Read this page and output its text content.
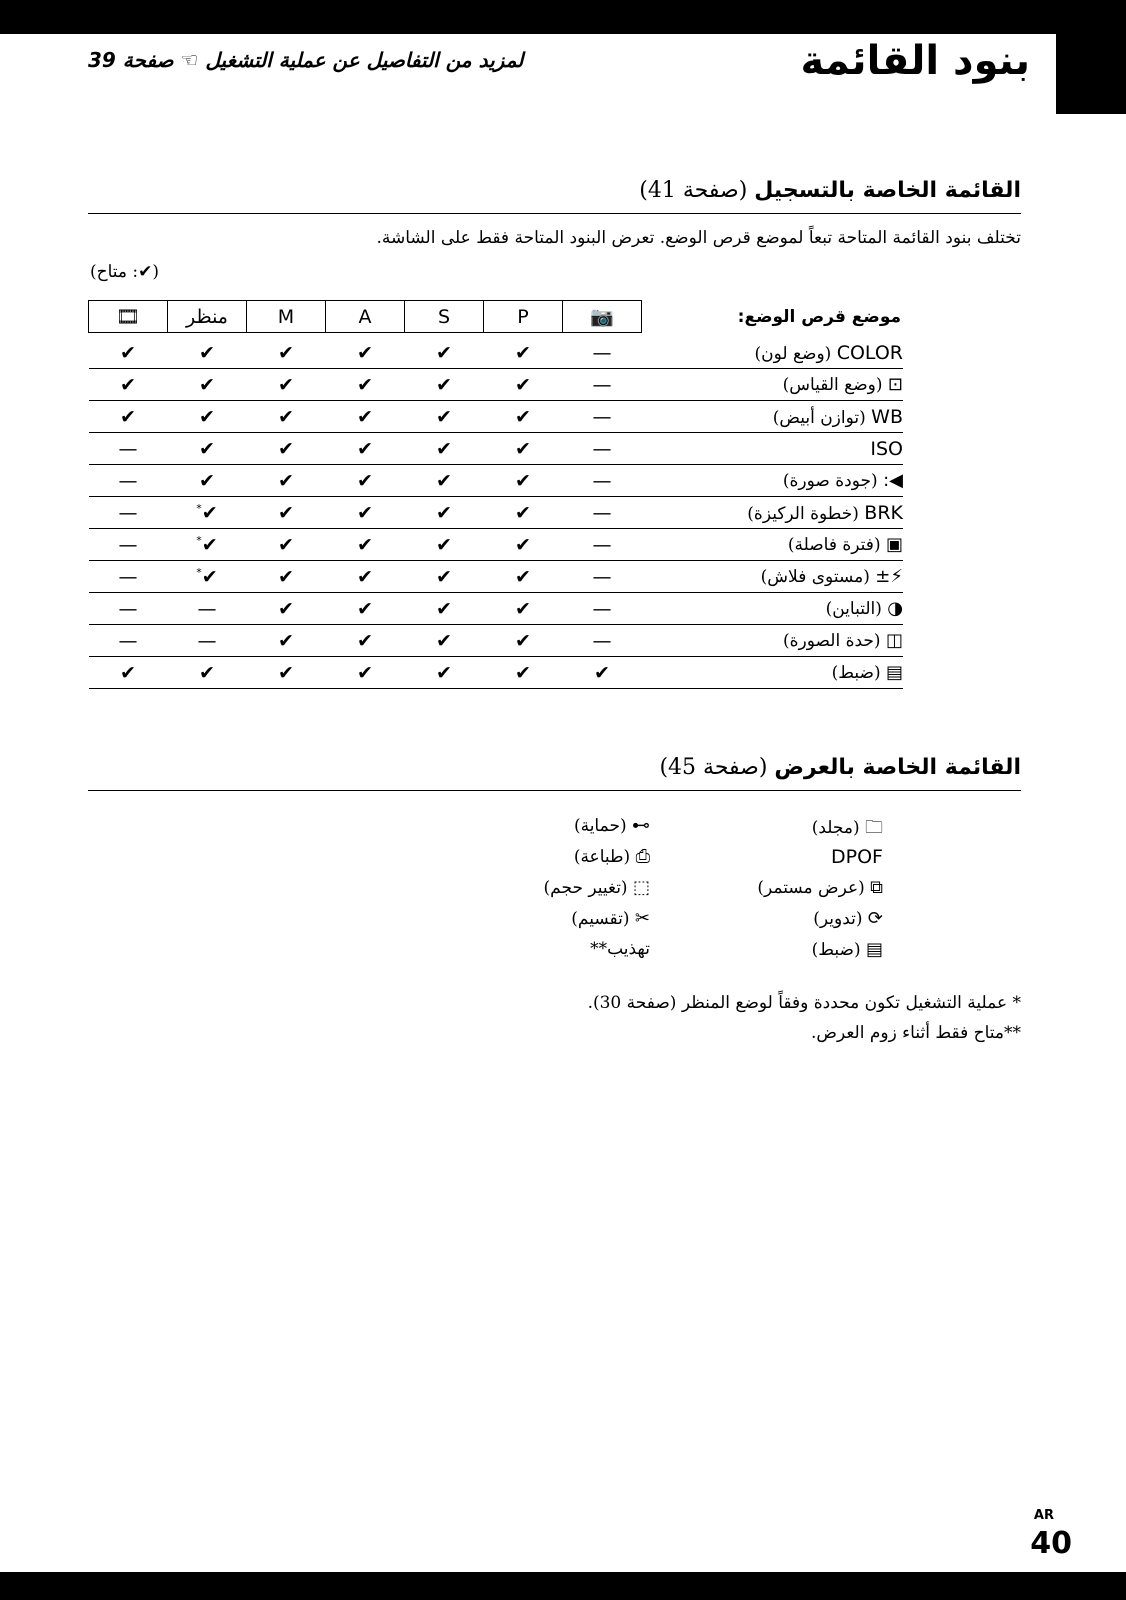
بنود القائمة
لمزيد من التفاصيل عن عملية التشغيل ☜ صفحة 39
القائمة الخاصة بالتسجيل (صفحة 41)
تختلف بنود القائمة المتاحة تبعاً لموضع قرص الوضع. تعرض البنود المتاحة فقط على الشاشة.
(✔: متاح)
🎞	منظر	M	A	S	P	📷	موضع قرص الوضع:

✔	✔	✔	✔	✔	✔	—	COLOR (وضع لون)
✔	✔	✔	✔	✔	✔	—	⊡ (وضع القياس)
✔	✔	✔	✔	✔	✔	—	WB (توازن أبيض)
—	✔	✔	✔	✔	✔	—	ISO
—	✔	✔	✔	✔	✔	—	◀: (جودة صورة)
—	*✔	✔	✔	✔	✔	—	BRK (خطوة الركيزة)
—	*✔	✔	✔	✔	✔	—	▣ (فترة فاصلة)
—	*✔	✔	✔	✔	✔	—	⚡± (مستوى فلاش)
—	—	✔	✔	✔	✔	—	◑ (التباين)
—	—	✔	✔	✔	✔	—	◫ (حدة الصورة)
✔	✔	✔	✔	✔	✔	✔	▤ (ضبط)
القائمة الخاصة بالعرض (صفحة 45)
🗀 (مجلد)
DPOF
⧉ (عرض مستمر)
⟳ (تدوير)
▤ (ضبط)
⊶ (حماية)
⎙ (طباعة)
⬚ (تغيير حجم)
✂ (تقسيم)
تهذيب**
* عملية التشغيل تكون محددة وفقاً لوضع المنظر (صفحة 30).
**متاح فقط أثناء زوم العرض.
AR
40
